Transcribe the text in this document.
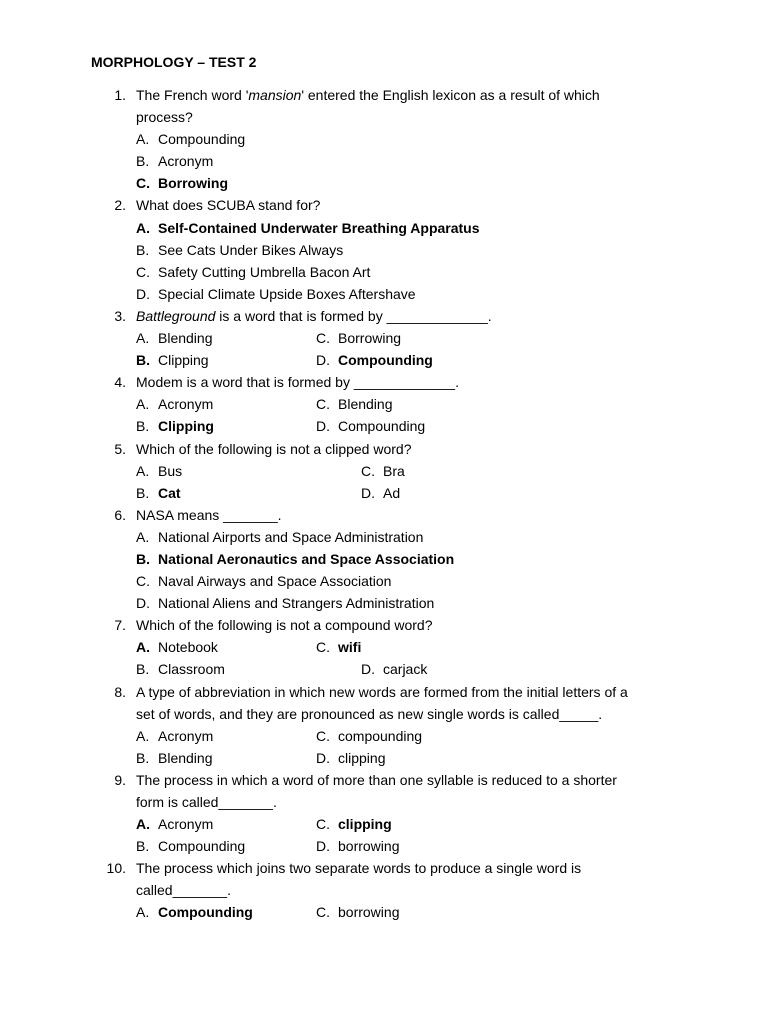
MORPHOLOGY – TEST 2
1. The French word 'mansion' entered the English lexicon as a result of which
process?
A. Compounding
B. Acronym
C. Borrowing
2. What does SCUBA stand for?
A. Self-Contained Underwater Breathing Apparatus
B. See Cats Under Bikes Always
C. Safety Cutting Umbrella Bacon Art
D. Special Climate Upside Boxes Aftershave
3. Battleground is a word that is formed by _____________.
A. Blending	C. Borrowing
B. Clipping	D. Compounding
4. Modem is a word that is formed by _____________.
A. Acronym	C. Blending
B. Clipping	D. Compounding
5. Which of the following is not a clipped word?
A. Bus	C. Bra
B. Cat	D. Ad
6. NASA means _______.
A. National Airports and Space Administration
B. National Aeronautics and Space Association
C. Naval Airways and Space Association
D. National Aliens and Strangers Administration
7. Which of the following is not a compound word?
A. Notebook	C. wifi
B. Classroom	D. carjack
8. A type of abbreviation in which new words are formed from the initial letters of a
set of words, and they are pronounced as new single words is called_____.
A. Acronym	C. compounding
B. Blending	D. clipping
9. The process in which a word of more than one syllable is reduced to a shorter
form is called_______.
A. Acronym	C. clipping
B. Compounding	D. borrowing
10. The process which joins two separate words to produce a single word is
called_______.
A. Compounding	C. borrowing
